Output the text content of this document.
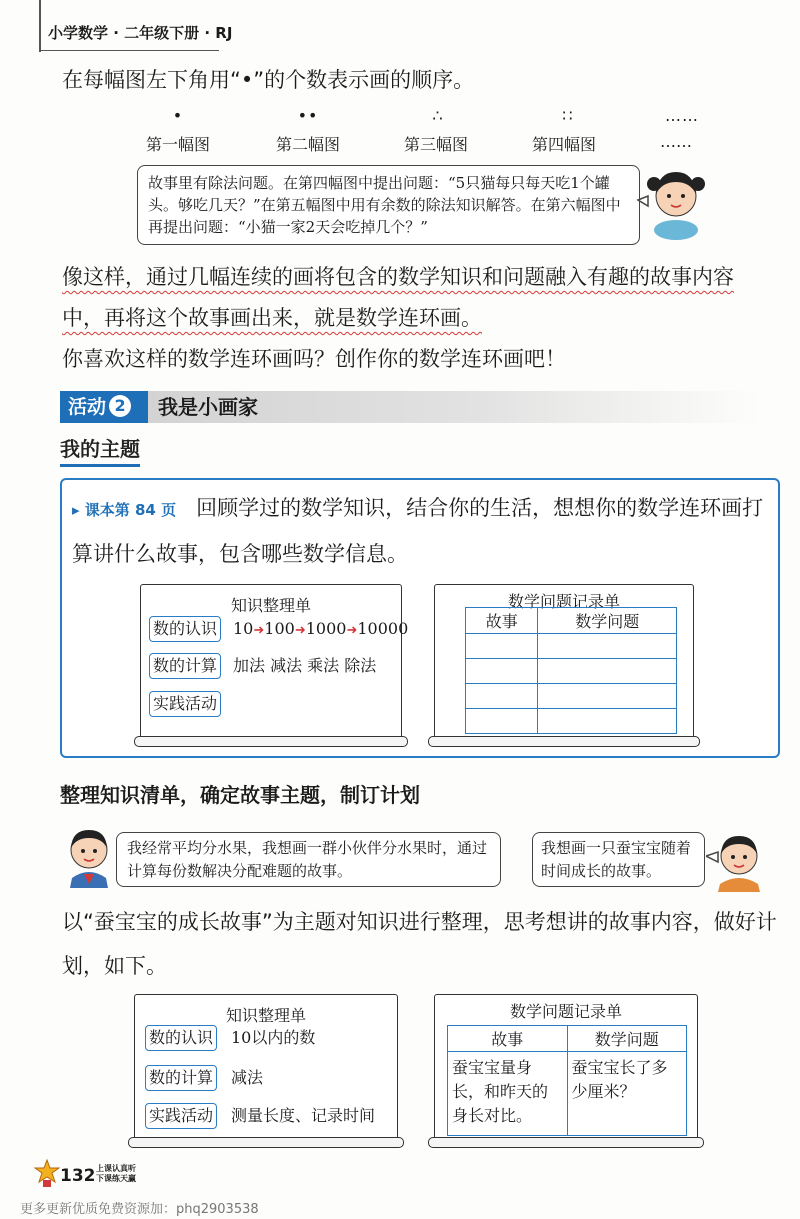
小学数学 · 二年级下册 · RJ
在每幅图左下角用“•”的个数表示画的顺序。
•	••	∴	∷	……
第一幅图	第二幅图	第三幅图	第四幅图	……
故事里有除法问题。在第四幅图中提出问题：“5只猫每只每天吃1个罐头。够吃几天？”在第五幅图中用有余数的除法知识解答。在第六幅图中再提出问题：“小猫一家2天会吃掉几个？”
像这样，通过几幅连续的画将包含的数学知识和问题融入有趣的故事内容
中，再将这个故事画出来，就是数学连环画。
你喜欢这样的数学连环画吗？创作你的数学连环画吧！
活动 2	我是小画家
我的主题
▸ 课本第 84 页 回顾学过的数学知识，结合你的生活，想想你的数学连环画打算讲什么故事，包含哪些数学信息。
知识整理单
数的认识 10➜100➜1000➜10000
数的计算 加法 减法 乘法 除法
实践活动
数学问题记录单
故事	数学问题

整理知识清单，确定故事主题，制订计划
我经常平均分水果，我想画一群小伙伴分水果时，通过计算每份数解决分配难题的故事。
我想画一只蚕宝宝随着时间成长的故事。
以“蚕宝宝的成长故事”为主题对知识进行整理，思考想讲的故事内容，做好计划，如下。
知识整理单
数的认识 10以内的数
数的计算 减法
实践活动 测量长度、记录时间
数学问题记录单
故事	数学问题
蚕宝宝量身长，和昨天的身长对比。	蚕宝宝长了多少厘米？
132 上课认真听 下课练天赢
更多更新优质免费资源加：phq2903538
